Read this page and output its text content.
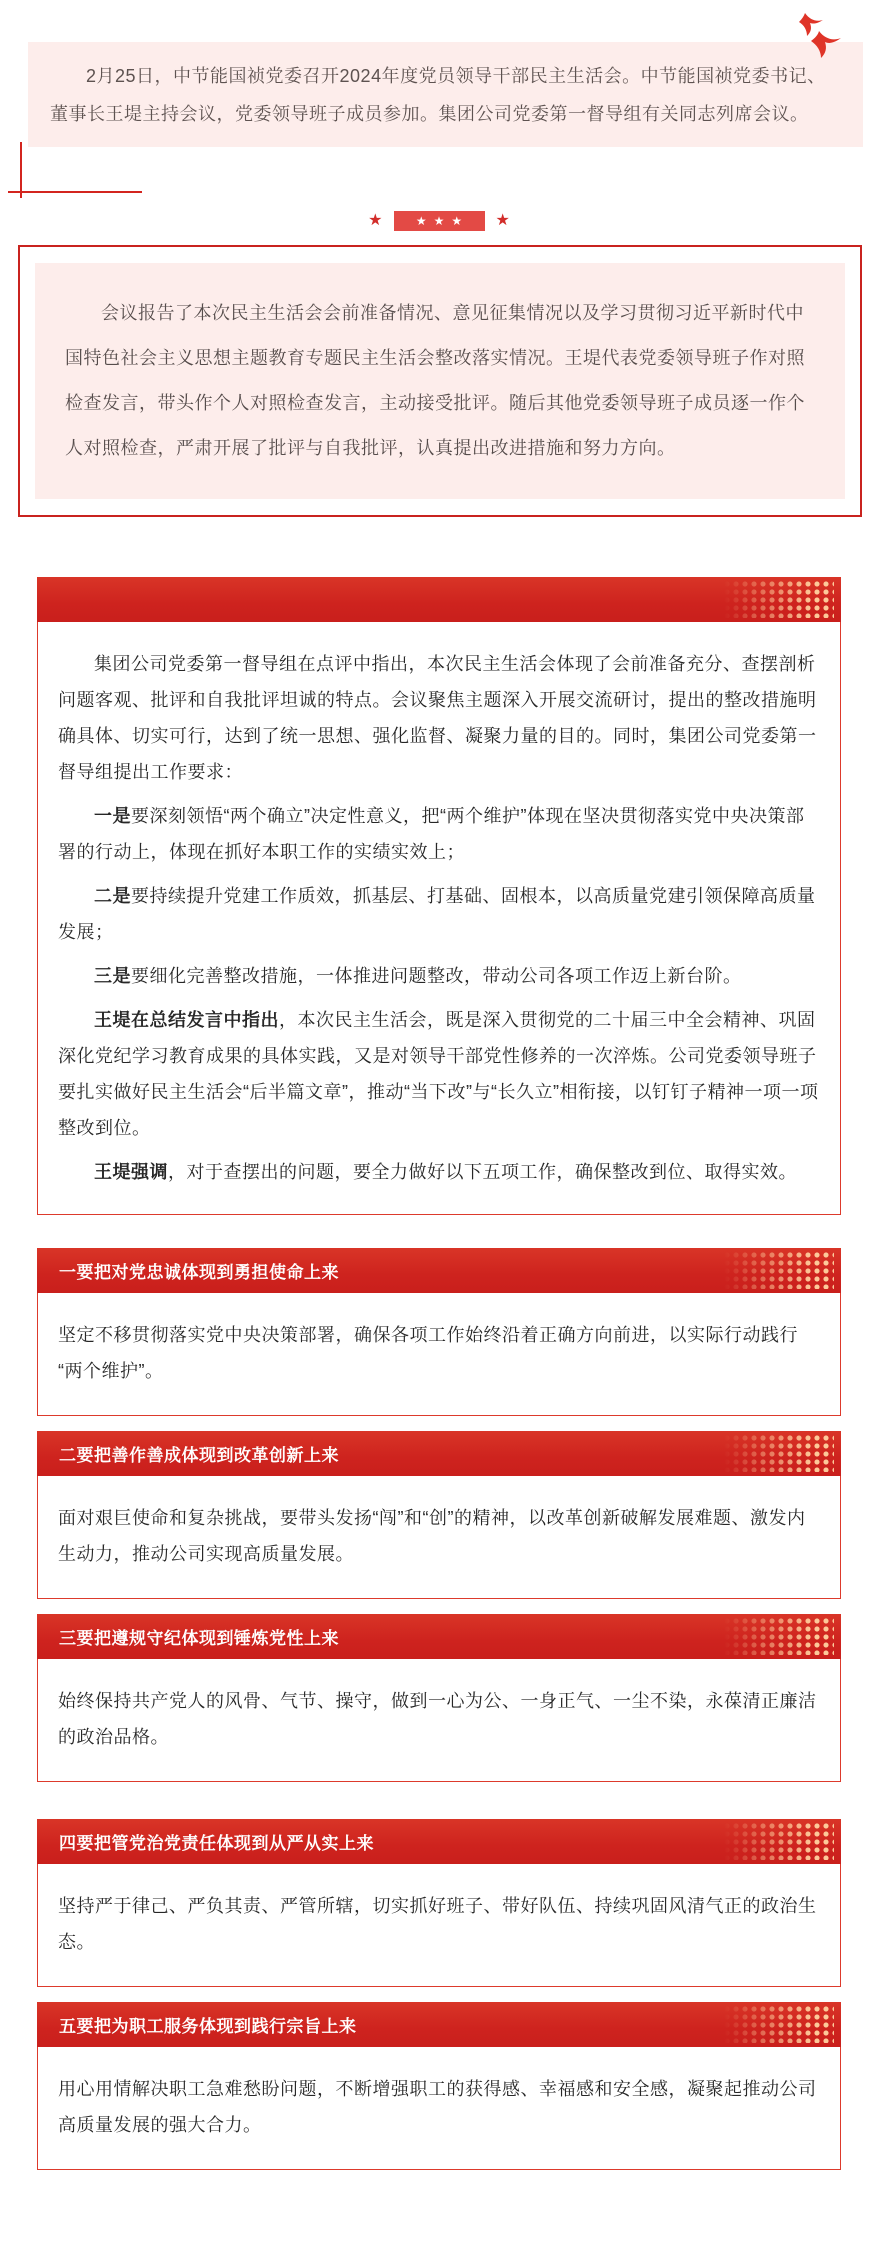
2月25日，中节能国祯党委召开2024年度党员领导干部民主生活会。中节能国祯党委书记、董事长王堤主持会议，党委领导班子成员参加。集团公司党委第一督导组有关同志列席会议。
★	★★★	★
会议报告了本次民主生活会会前准备情况、意见征集情况以及学习贯彻习近平新时代中国特色社会主义思想主题教育专题民主生活会整改落实情况。王堤代表党委领导班子作对照检查发言，带头作个人对照检查发言，主动接受批评。随后其他党委领导班子成员逐一作个人对照检查，严肃开展了批评与自我批评，认真提出改进措施和努力方向。

集团公司党委第一督导组在点评中指出，本次民主生活会体现了会前准备充分、查摆剖析问题客观、批评和自我批评坦诚的特点。会议聚焦主题深入开展交流研讨，提出的整改措施明确具体、切实可行，达到了统一思想、强化监督、凝聚力量的目的。同时，集团公司党委第一督导组提出工作要求：

一是要深刻领悟“两个确立”决定性意义，把“两个维护”体现在坚决贯彻落实党中央决策部署的行动上，体现在抓好本职工作的实绩实效上；

二是要持续提升党建工作质效，抓基层、打基础、固根本，以高质量党建引领保障高质量发展；

三是要细化完善整改措施，一体推进问题整改，带动公司各项工作迈上新台阶。

王堤在总结发言中指出，本次民主生活会，既是深入贯彻党的二十届三中全会精神、巩固深化党纪学习教育成果的具体实践，又是对领导干部党性修养的一次淬炼。公司党委领导班子要扎实做好民主生活会“后半篇文章”，推动“当下改”与“长久立”相衔接，以钉钉子精神一项一项整改到位。

王堤强调，对于查摆出的问题，要全力做好以下五项工作，确保整改到位、取得实效。

一要把对党忠诚体现到勇担使命上来
坚定不移贯彻落实党中央决策部署，确保各项工作始终沿着正确方向前进，以实际行动践行“两个维护”。
二要把善作善成体现到改革创新上来
面对艰巨使命和复杂挑战，要带头发扬“闯”和“创”的精神，以改革创新破解发展难题、激发内生动力，推动公司实现高质量发展。
三要把遵规守纪体现到锤炼党性上来
始终保持共产党人的风骨、气节、操守，做到一心为公、一身正气、一尘不染，永葆清正廉洁的政治品格。
四要把管党治党责任体现到从严从实上来
坚持严于律己、严负其责、严管所辖，切实抓好班子、带好队伍、持续巩固风清气正的政治生态。
五要把为职工服务体现到践行宗旨上来
用心用情解决职工急难愁盼问题，不断增强职工的获得感、幸福感和安全感，凝聚起推动公司高质量发展的强大合力。
